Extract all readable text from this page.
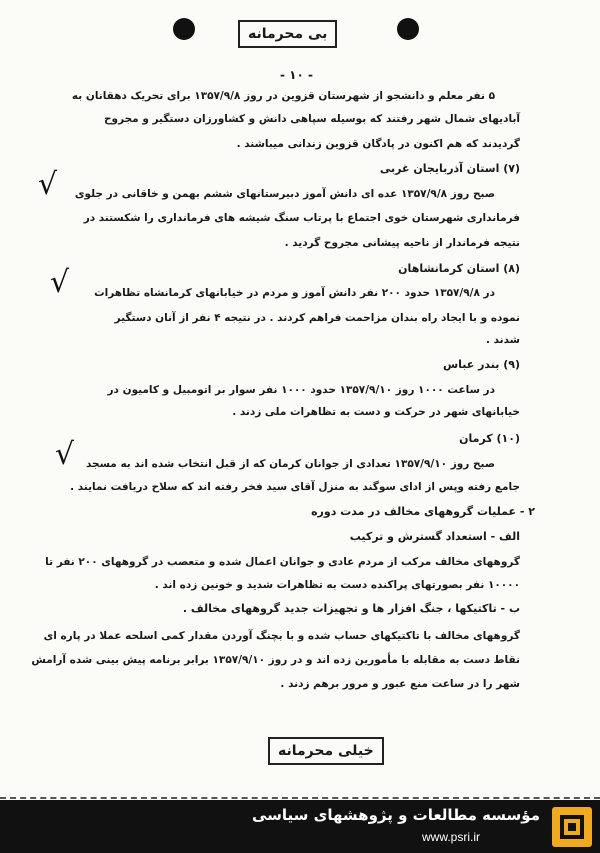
بی محرمانه
- ۱۰ -
۵ نفر معلم و دانشجو از شهرستان قزوین در روز ۱۳۵۷/۹/۸ برای تحریک دهقانان به
آبادیهای شمال شهر رفتند که بوسیله سپاهی دانش و کشاورزان دستگیر و مجروح
گردیدند که هم اکنون در پادگان قزوین زندانی میباشند .
(۷) استان آذربایجان غربی
صبح روز ۱۳۵۷/۹/۸ عده ای دانش آموز دبیرستانهای ششم بهمن و خاقانی در جلوی
فرمانداری شهرستان خوی اجتماع با پرتاب سنگ شیشه های فرمانداری را شکستند در
نتیجه فرماندار از ناحیه پیشانی مجروح گردید .
(۸) استان کرمانشاهان
در ۱۳۵۷/۹/۸ حدود ۲۰۰ نفر دانش آموز و مردم در خیابانهای کرمانشاه تظاهرات
نموده و با ایجاد راه بندان مزاحمت فراهم کردند . در نتیجه ۴ نفر از آنان دستگیر
شدند .
(۹) بندر عباس
در ساعت ۱۰۰۰ روز ۱۳۵۷/۹/۱۰ حدود ۱۰۰۰ نفر سوار بر اتومبیل و کامیون در
خیابانهای شهر در حرکت و دست به تظاهرات ملی زدند .
(۱۰) کرمان
صبح روز ۱۳۵۷/۹/۱۰ تعدادی از جوانان کرمان که از قبل انتخاب شده اند به مسجد
جامع رفته وپس از ادای سوگند به منزل آقای سید فخر رفته اند که سلاح دریافت نمایند .
۲ - عملیات گروههای مخالف در مدت دوره
الف - استعداد گسترش و ترکیب
گروههای مخالف مرکب از مردم عادی و جوانان اعمال شده و متعصب در گروههای ۲۰۰ نفر تا
۱۰۰۰۰ نفر بصورتهای پراکنده دست به تظاهرات شدید و خونین زده اند .
ب - تاکتیکها ، جنگ افزار ها و تجهیزات جدید گروههای مخالف .
گروههای مخالف با تاکتیکهای حساب شده و با بچنگ آوردن مقدار کمی اسلحه عملا در پاره ای
نقاط دست به مقابله با مأمورین زده اند و در روز ۱۳۵۷/۹/۱۰ برابر برنامه پیش بینی شده آرامش
شهر را در ساعت منع عبور و مرور برهم زدند .
√
√
√
خیلی محرمانه
مؤسسه مطالعات و پژوهشهای سیاسی
www.psri.ir
